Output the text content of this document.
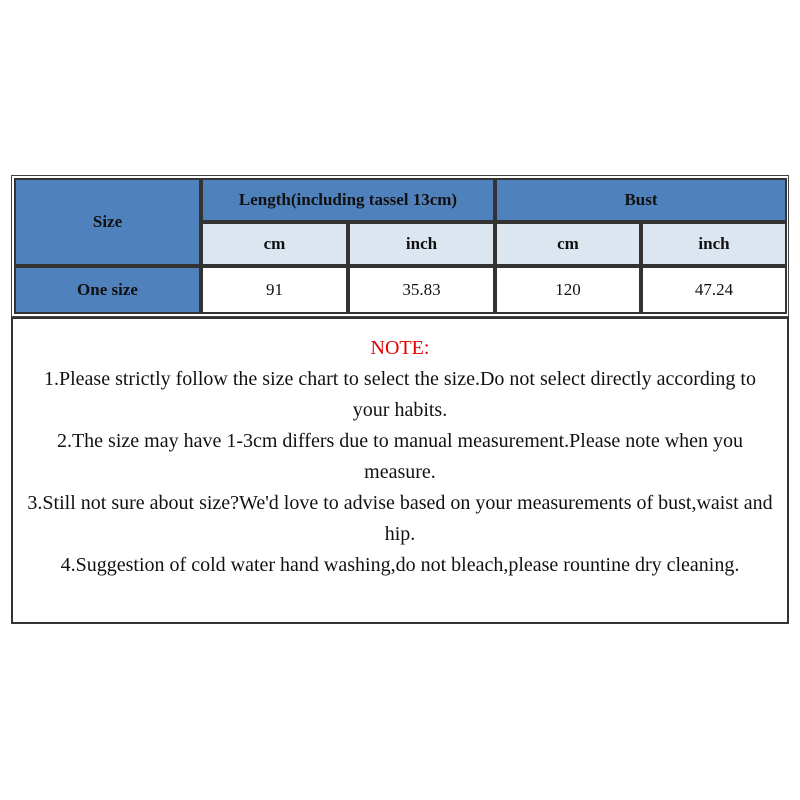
Size
Length(including tassel 13cm)	Bust
cm	inch	cm	inch
One size	91	35.83	120	47.24
NOTE:
1.Please strictly follow the size chart to select the size.Do not select directly according to your habits.
2.The size may have 1-3cm differs due to manual measurement.Please note when you measure.
3.Still not sure about size?We'd love to advise based on your measurements of bust,waist and hip.
4.Suggestion of cold water hand washing,do not bleach,please rountine dry cleaning.
